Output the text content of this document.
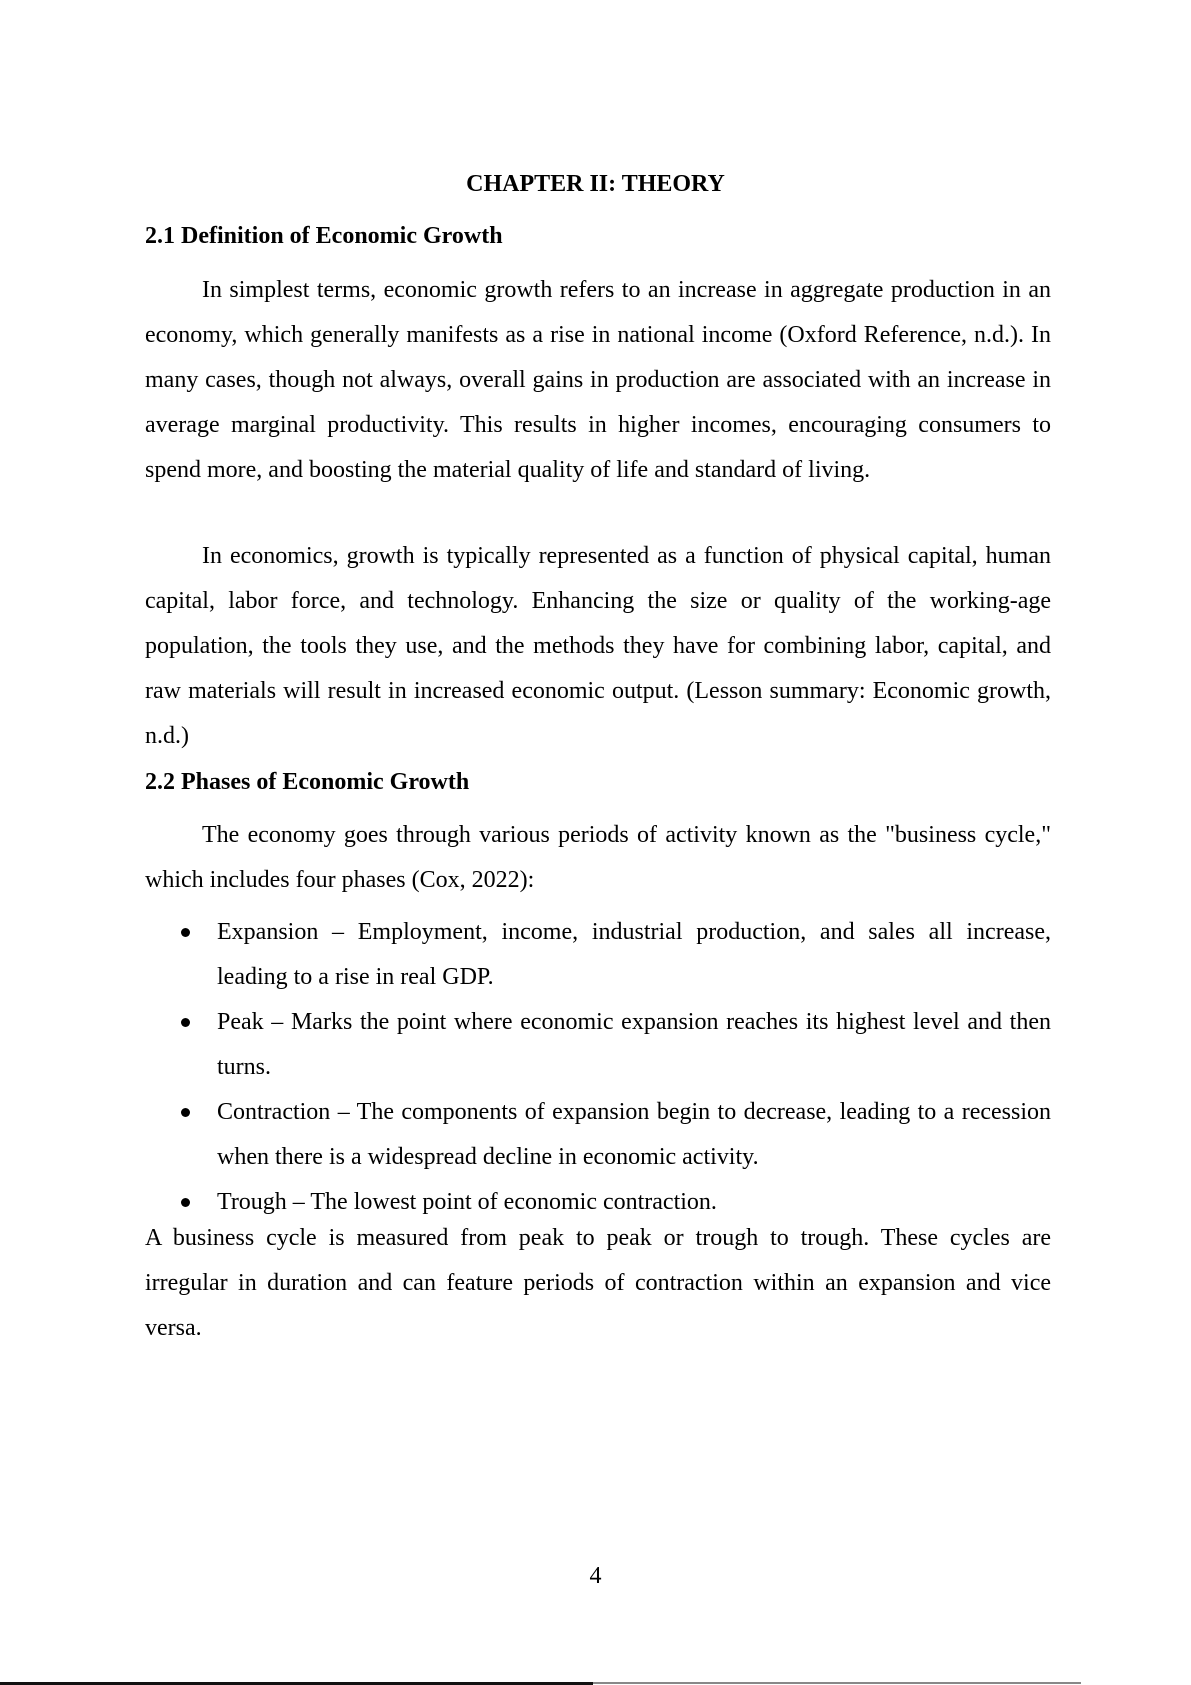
CHAPTER II: THEORY
2.1 Definition of Economic Growth

In simplest terms, economic growth refers to an increase in aggregate production in an economy, which generally manifests as a rise in national income (Oxford Reference, n.d.). In many cases, though not always, overall gains in production are associated with an increase in average marginal productivity. This results in higher incomes, encouraging consumers to spend more, and boosting the material quality of life and standard of living.

In economics, growth is typically represented as a function of physical capital, human capital, labor force, and technology. Enhancing the size or quality of the working-age population, the tools they use, and the methods they have for combining labor, capital, and raw materials will result in increased economic output. (Lesson summary: Economic growth, n.d.)

2.2 Phases of Economic Growth

The economy goes through various periods of activity known as the "business cycle," which includes four phases (Cox, 2022):

Expansion – Employment, income, industrial production, and sales all increase, leading to a rise in real GDP.
Peak – Marks the point where economic expansion reaches its highest level and then turns.
Contraction – The components of expansion begin to decrease, leading to a recession when there is a widespread decline in economic activity.
Trough – The lowest point of economic contraction.

A business cycle is measured from peak to peak or trough to trough. These cycles are irregular in duration and can feature periods of contraction within an expansion and vice versa.

4
